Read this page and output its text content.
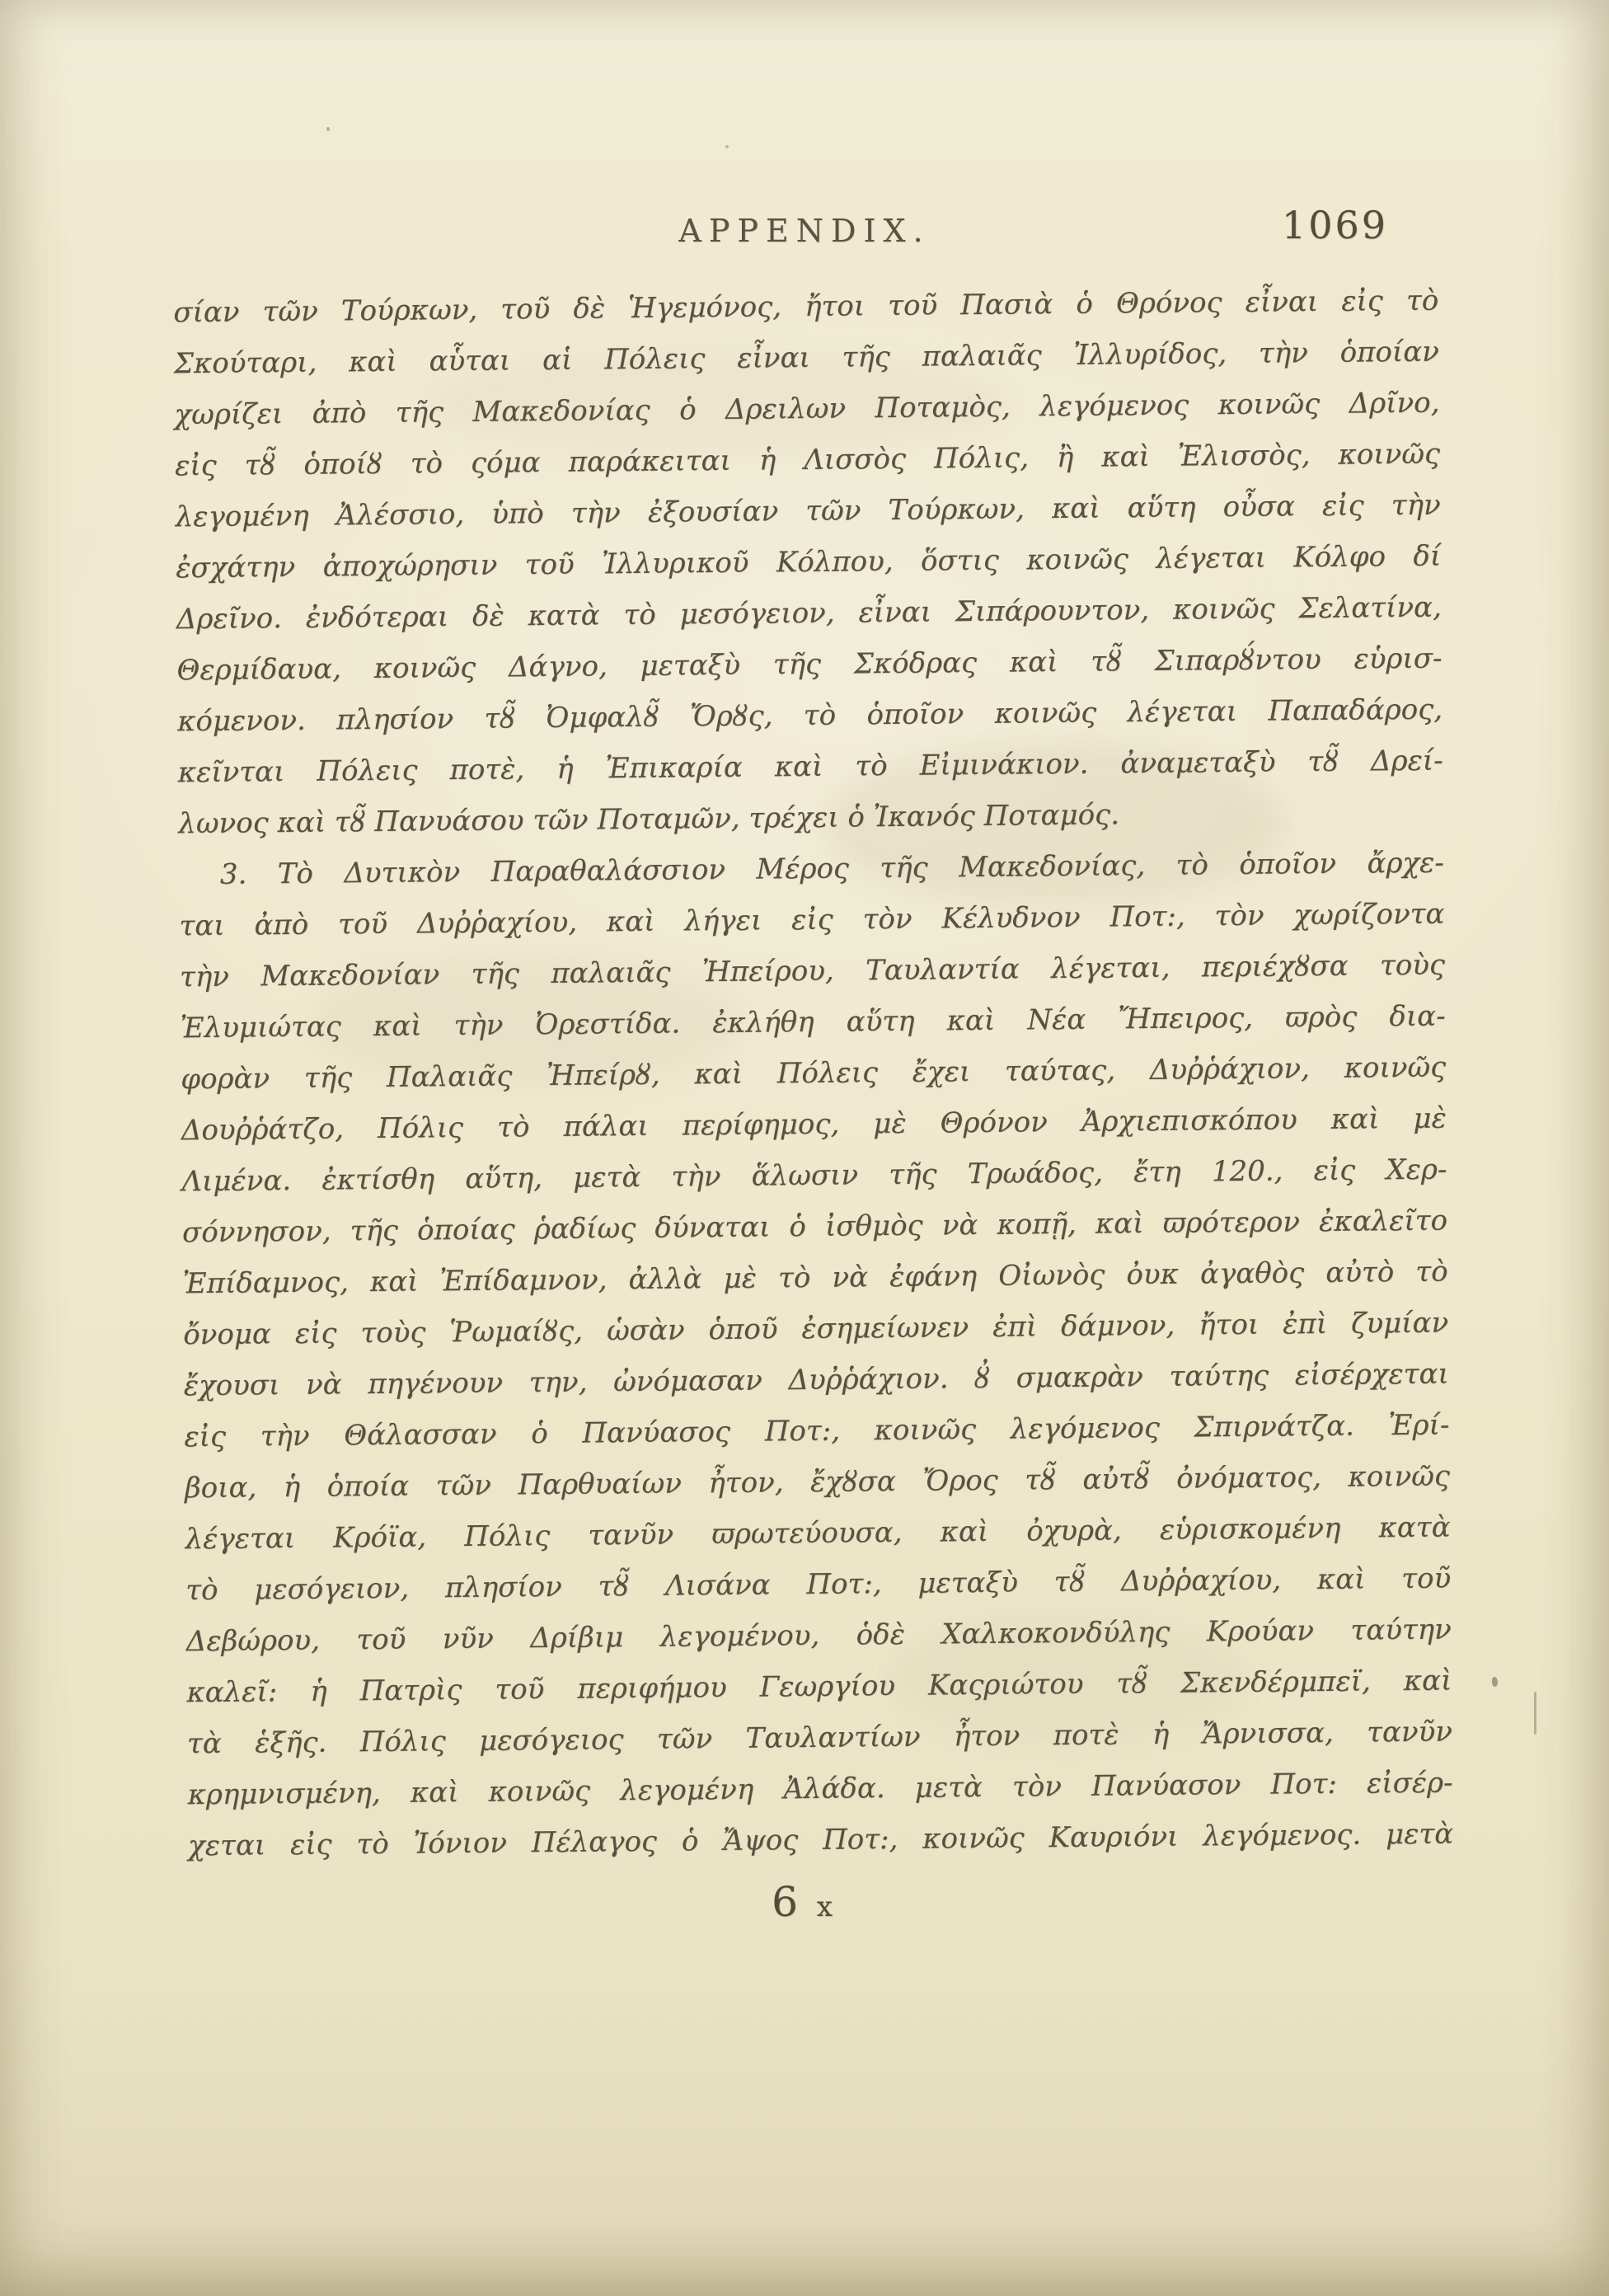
APPENDIX.	1069
σίαν τῶν Τούρκων, τοῦ δὲ Ἡγεμόνος, ἤτοι τοῦ Πασιὰ ὁ Θρόνος εἶναι εἰς τὸ
Σκούταρι, καὶ αὗται αἱ Πόλεις εἶναι τῆς παλαιᾶς Ἰλλυρίδος, τὴν ὁποίαν
χωρίζει ἀπὸ τῆς Μακεδονίας ὁ Δρειλων Ποταμὸς, λεγόμενος κοινῶς Δρῖνο,
εἰς τȣ̃ ὁποίȣ τὸ ςόμα παράκειται ἡ Λισσὸς Πόλις, ἢ καὶ Ἐλισσὸς, κοινῶς
λεγομένη Ἀλέσσιο, ὑπὸ τὴν ἐξουσίαν τῶν Τούρκων, καὶ αὕτη οὖσα εἰς τὴν
ἐσχάτην ἀποχώρησιν τοῦ Ἰλλυρικοῦ Κόλπου, ὅστις κοινῶς λέγεται Κόλφο δί
Δρεῖνο. ἐνδότεραι δὲ κατὰ τὸ μεσόγειον, εἶναι Σιπάρουντον, κοινῶς Σελατίνα,
Θερμίδαυα, κοινῶς Δάγνο, μεταξὺ τῆς Σκόδρας καὶ τȣ̃ Σιπαρȣ́ντου εὑρισ-
κόμενον. πλησίον τȣ̃ Ὀμφαλȣ̃ Ὄρȣς, τὸ ὁποῖον κοινῶς λέγεται Παπαδάρος,
κεῖνται Πόλεις ποτὲ, ἡ Ἐπικαρία καὶ τὸ Εἰμινάκιον. ἀναμεταξὺ τȣ̃ Δρεί-
λωνος καὶ τȣ̃ Πανυάσου τῶν Ποταμῶν, τρέχει ὁ Ἰκανός Ποταμός.
3. Τὸ Δυτικὸν Παραθαλάσσιον Μέρος τῆς Μακεδονίας, τὸ ὁποῖον ἄρχε-
ται ἀπὸ τοῦ Δυῤῥαχίου, καὶ λήγει εἰς τὸν Κέλυδνον Ποτ:, τὸν χωρίζοντα
τὴν Μακεδονίαν τῆς παλαιᾶς Ἠπείρου, Ταυλαντία λέγεται, περιέχȣσα τοὺς
Ἐλυμιώτας καὶ τὴν Ὀρεστίδα. ἐκλήθη αὕτη καὶ Νέα Ἤπειρος, ϖρὸς δια-
φορὰν τῆς Παλαιᾶς Ἠπείρȣ, καὶ Πόλεις ἔχει ταύτας, Δυῤῥάχιον, κοινῶς
Δουῤῥάτζο, Πόλις τὸ πάλαι περίφημος, μὲ Θρόνον Ἀρχιεπισκόπου καὶ μὲ
Λιμένα. ἐκτίσθη αὕτη, μετὰ τὴν ἅλωσιν τῆς Τρωάδος, ἔτη 120., εἰς Χερ-
σόννησον, τῆς ὁποίας ῥαδίως δύναται ὁ ἰσθμὸς νὰ κοπῇ, καὶ ϖρότερον ἐκαλεῖτο
Ἐπίδαμνος, καὶ Ἐπίδαμνον, ἀλλὰ μὲ τὸ νὰ ἐφάνη Οἰωνὸς ὀυκ ἀγαθὸς αὐτὸ τὸ
ὄνομα εἰς τοὺς Ῥωμαίȣς, ὡσὰν ὁποῦ ἐσημείωνεν ἐπὶ δάμνον, ἤτοι ἐπὶ ζυμίαν
ἔχουσι νὰ πηγένουν την, ὠνόμασαν Δυῤῥάχιον. ȣ̓ σμακρὰν ταύτης εἰσέρχεται
εἰς τὴν Θάλασσαν ὁ Πανύασος Ποτ:, κοινῶς λεγόμενος Σπιρνάτζα. Ἐρί-
βοια, ἡ ὁποία τῶν Παρθυαίων ἦτον, ἔχȣσα Ὄρος τȣ̃ αὐτȣ̃ ὀνόματος, κοινῶς
λέγεται Κρόϊα, Πόλις τανῦν ϖρωτεύουσα, καὶ ὀχυρὰ, εὑρισκομένη κατὰ
τὸ μεσόγειον, πλησίον τȣ̃ Λισάνα Ποτ:, μεταξὺ τȣ̃ Δυῤῥαχίου, καὶ τοῦ
Δεβώρου, τοῦ νῦν Δρίβιμ λεγομένου, ὁδὲ Χαλκοκονδύλης Κρούαν ταύτην
καλεῖ: ἡ Πατρὶς τοῦ περιφήμου Γεωργίου Καςριώτου τȣ̃ Σκενδέρμπεϊ, καὶ
τὰ ἑξῆς. Πόλις μεσόγειος τῶν Ταυλαντίων ἦτον ποτὲ ἡ Ἄρνισσα, τανῦν
κρημνισμένη, καὶ κοινῶς λεγομένη Ἀλάδα. μετὰ τὸν Πανύασον Ποτ: εἰσέρ-
χεται εἰς τὸ Ἰόνιον Πέλαγος ὁ Ἄψος Ποτ:, κοινῶς Καυριόνι λεγόμενος. μετὰ
6 x
